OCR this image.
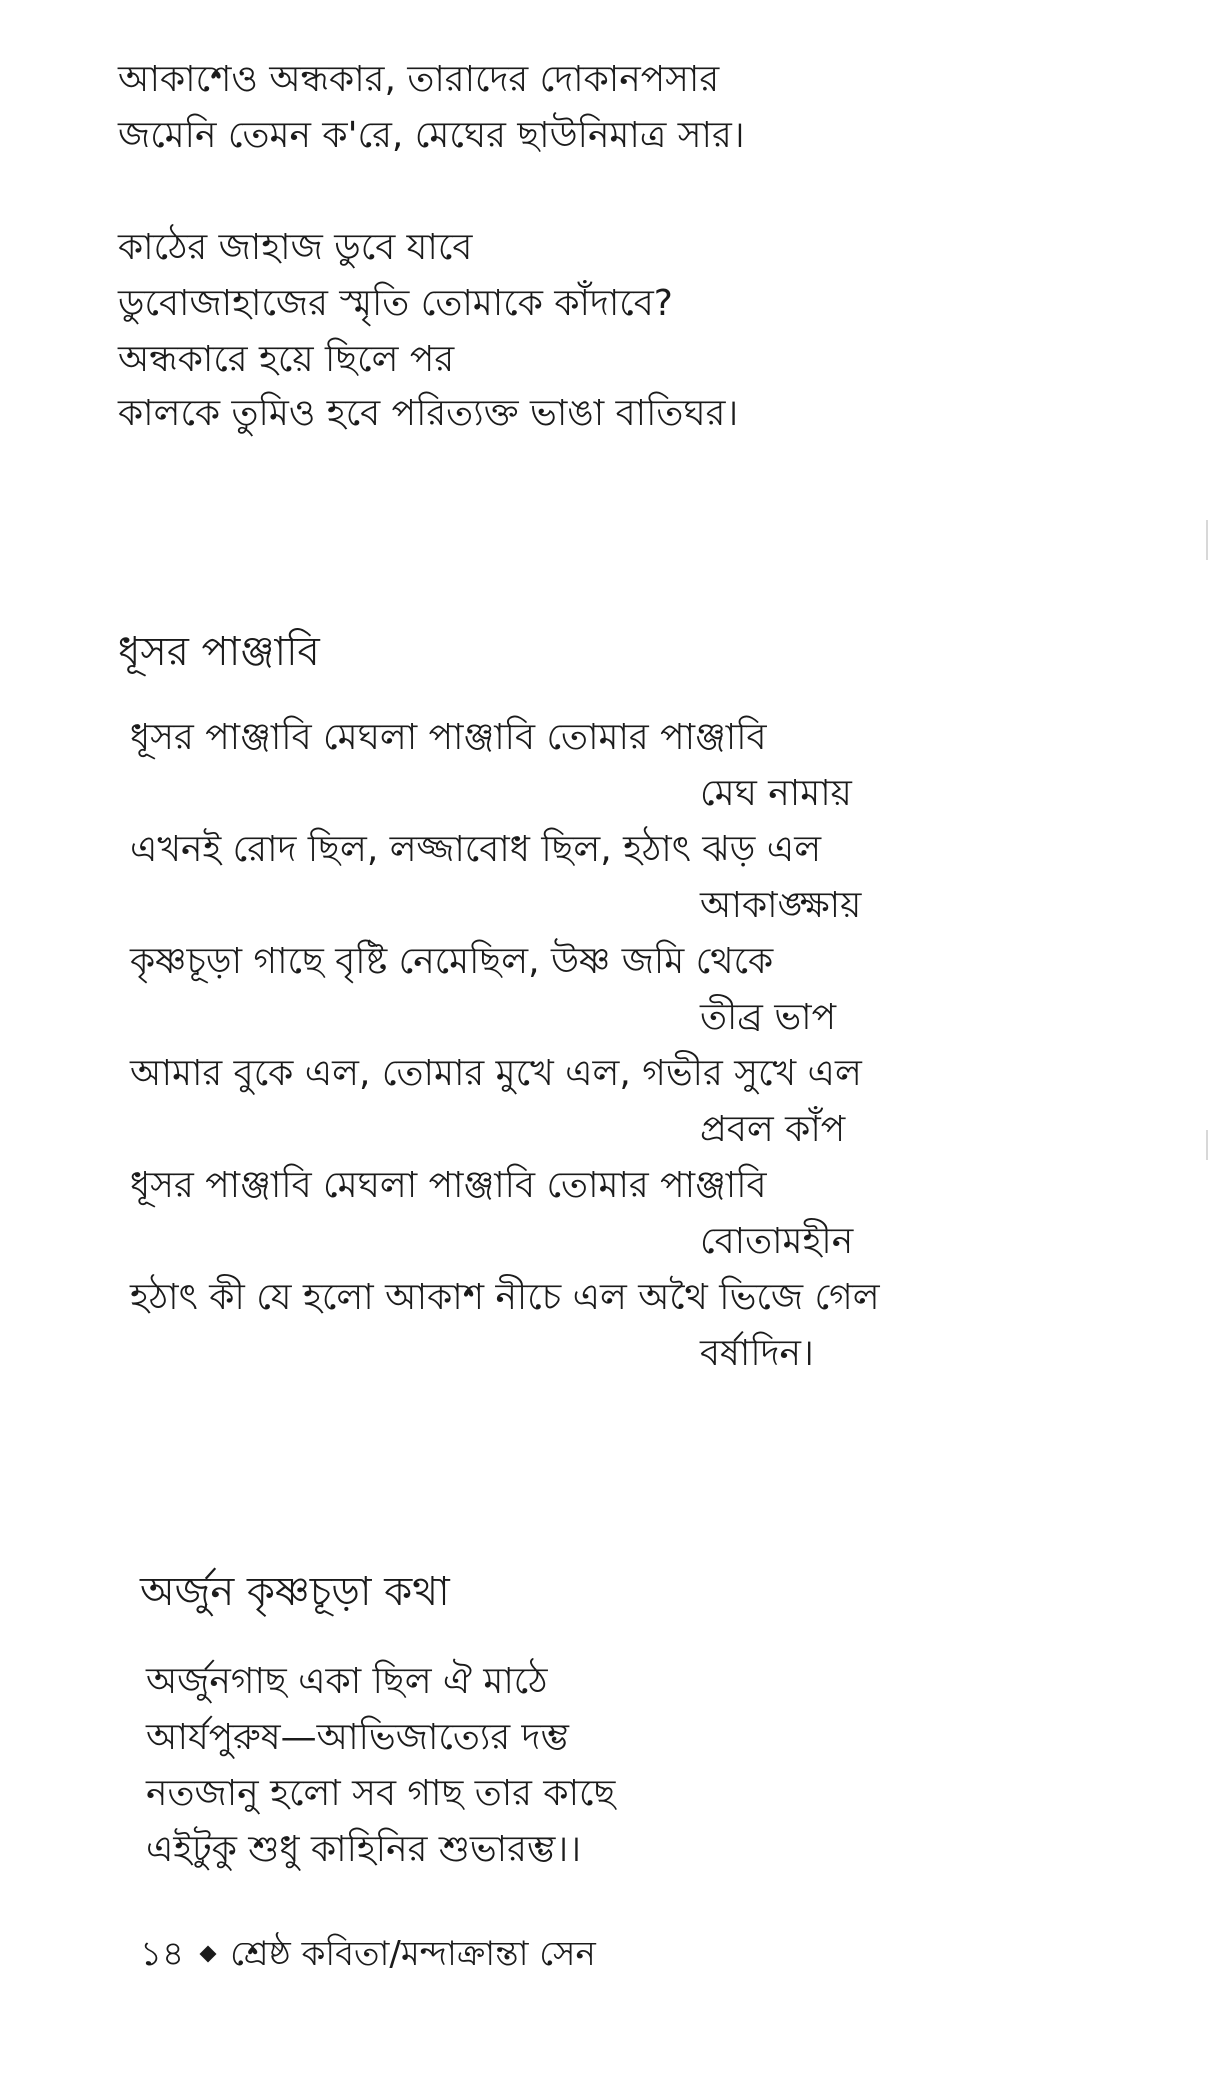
আকাশেও অন্ধকার, তারাদের দোকানপসার
জমেনি তেমন ক'রে, মেঘের ছাউনিমাত্র সার।
কাঠের জাহাজ ডুবে যাবে
ডুবোজাহাজের স্মৃতি তোমাকে কাঁদাবে?
অন্ধকারে হয়ে ছিলে পর
কালকে তুমিও হবে পরিত্যক্ত ভাঙা বাতিঘর।
ধূসর পাঞ্জাবি
ধূসর পাঞ্জাবি মেঘলা পাঞ্জাবি তোমার পাঞ্জাবি
মেঘ নামায়
এখনই রোদ ছিল, লজ্জাবোধ ছিল, হঠাৎ ঝড় এল
আকাঙ্ক্ষায়
কৃষ্ণচূড়া গাছে বৃষ্টি নেমেছিল, উষ্ণ জমি থেকে
তীব্র ভাপ
আমার বুকে এল, তোমার মুখে এল, গভীর সুখে এল
প্রবল কাঁপ
ধূসর পাঞ্জাবি মেঘলা পাঞ্জাবি তোমার পাঞ্জাবি
বোতামহীন
হঠাৎ কী যে হলো আকাশ নীচে এল অথৈ ভিজে গেল
বর্ষাদিন।
অর্জুন কৃষ্ণচূড়া কথা
অর্জুনগাছ একা ছিল ঐ মাঠে
আর্যপুরুষ—আভিজাত্যের দম্ভ
নতজানু হলো সব গাছ তার কাছে
এইটুকু শুধু কাহিনির শুভারম্ভ।।
১৪ শ্রেষ্ঠ কবিতা/মন্দাক্রান্তা সেন
